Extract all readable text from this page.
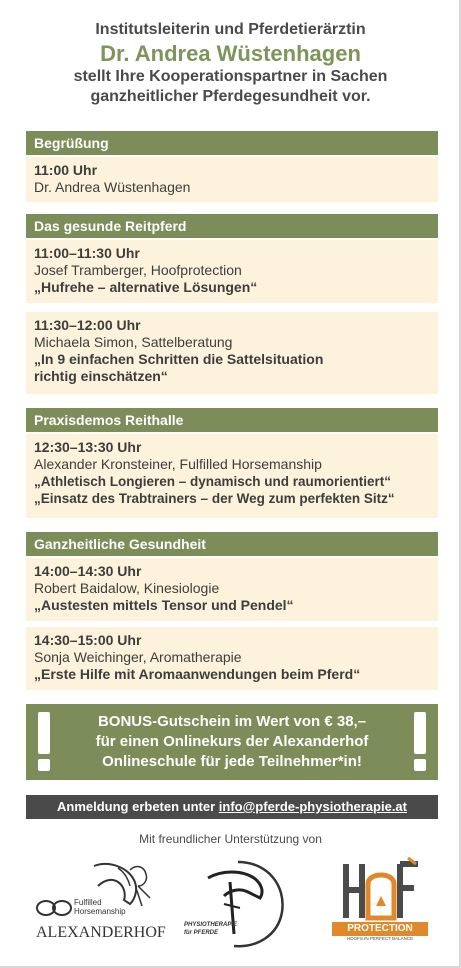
Institutsleiterin und Pferdetierärztin
Dr. Andrea Wüstenhagen
stellt Ihre Kooperationspartner in Sachen
ganzheitlicher Pferdegesundheit vor.
Begrüßung
11:00 Uhr
Dr. Andrea Wüstenhagen
Das gesunde Reitpferd
11:00–11:30 Uhr
Josef Tramberger, Hoofprotection
„Hufrehe – alternative Lösungen“
11:30–12:00 Uhr
Michaela Simon, Sattelberatung
„In 9 einfachen Schritten die Sattelsituation
richtig einschätzen“
Praxisdemos Reithalle
12:30–13:30 Uhr
Alexander Kronsteiner, Fulfilled Horsemanship
„Athletisch Longieren – dynamisch und raumorientiert“
„Einsatz des Trabtrainers – der Weg zum perfekten Sitz“
Ganzheitliche Gesundheit
14:00–14:30 Uhr
Robert Baidalow, Kinesiologie
„Austesten mittels Tensor und Pendel“
14:30–15:00 Uhr
Sonja Weichinger, Aromatherapie
„Erste Hilfe mit Aromaanwendungen beim Pferd“
BONUS-Gutschein im Wert von € 38,–
für einen Onlinekurs der Alexanderhof
Onlineschule für jede Teilnehmer*in!
Anmeldung erbeten unter info@pferde-physiotherapie.at
Mit freundlicher Unterstützung von
Fulfilled
Horsemanship
ALEXANDERHOF	PHYSIOTHERAPIE
für PFERDE	PROTECTION
HOOFS IN PERFECT BALANCE
